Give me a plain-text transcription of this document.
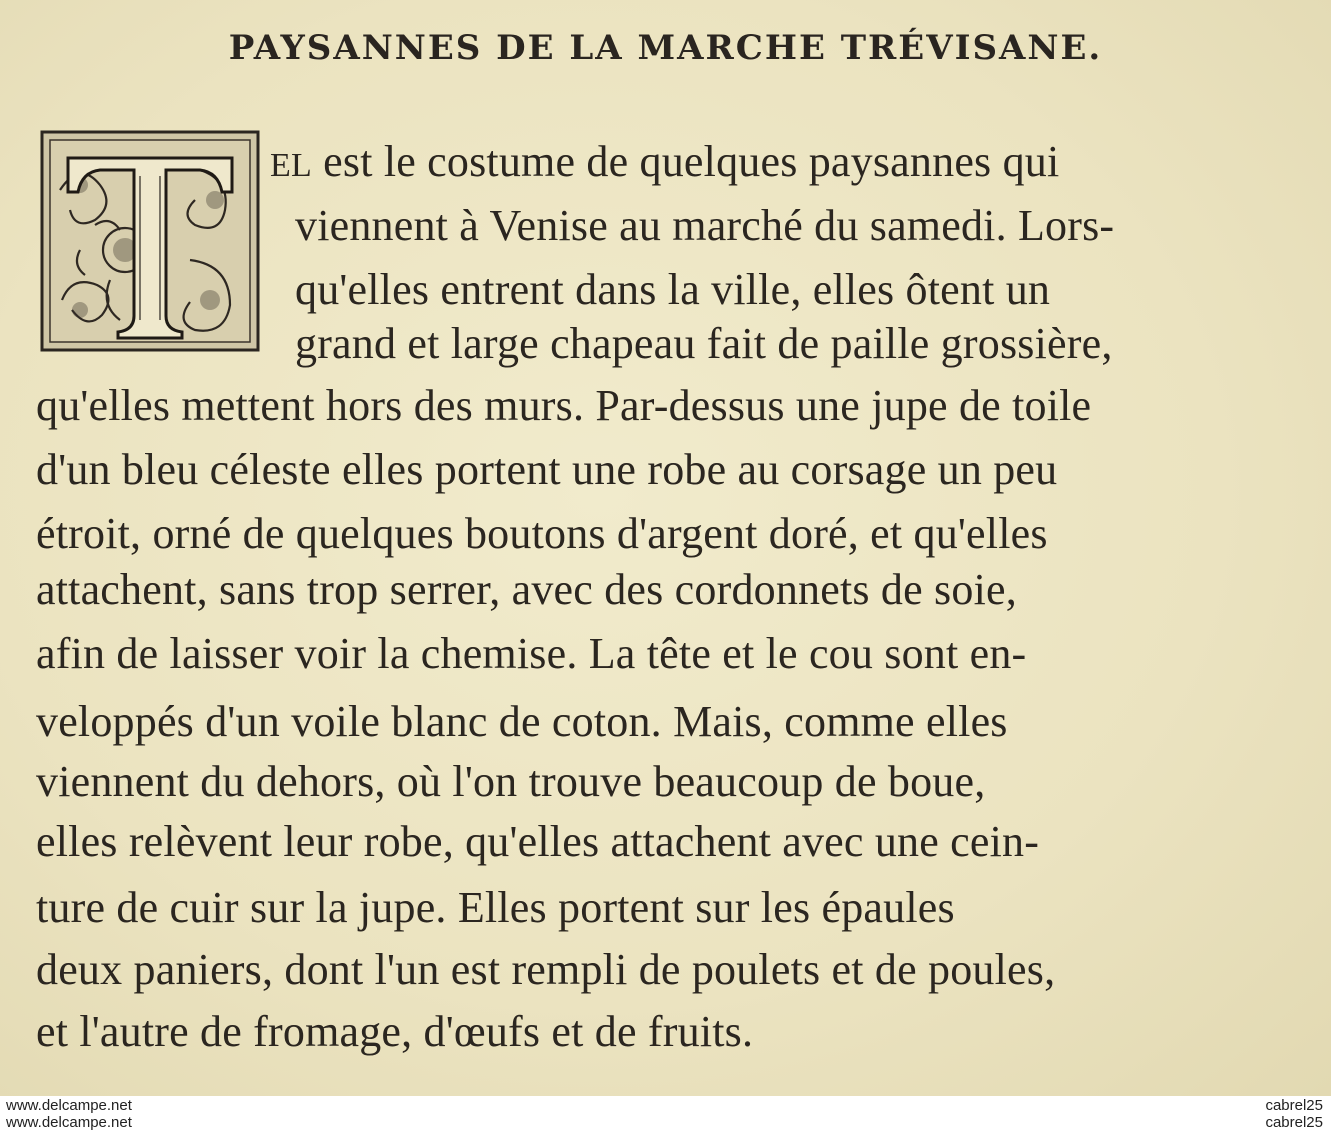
PAYSANNES DE LA MARCHE TRÉVISANE.
EL est le costume de quelques paysannes qui
viennent à Venise au marché du samedi. Lors-
qu'elles entrent dans la ville, elles ôtent un
grand et large chapeau fait de paille grossière,
qu'elles mettent hors des murs. Par-dessus une jupe de toile
d'un bleu céleste elles portent une robe au corsage un peu
étroit, orné de quelques boutons d'argent doré, et qu'elles
attachent, sans trop serrer, avec des cordonnets de soie,
afin de laisser voir la chemise. La tête et le cou sont en-
veloppés d'un voile blanc de coton. Mais, comme elles
viennent du dehors, où l'on trouve beaucoup de boue,
elles relèvent leur robe, qu'elles attachent avec une cein-
ture de cuir sur la jupe. Elles portent sur les épaules
deux paniers, dont l'un est rempli de poulets et de poules,
et l'autre de fromage, d'œufs et de fruits.
www.delcampe.net
www.delcampe.net
cabrel25
cabrel25
